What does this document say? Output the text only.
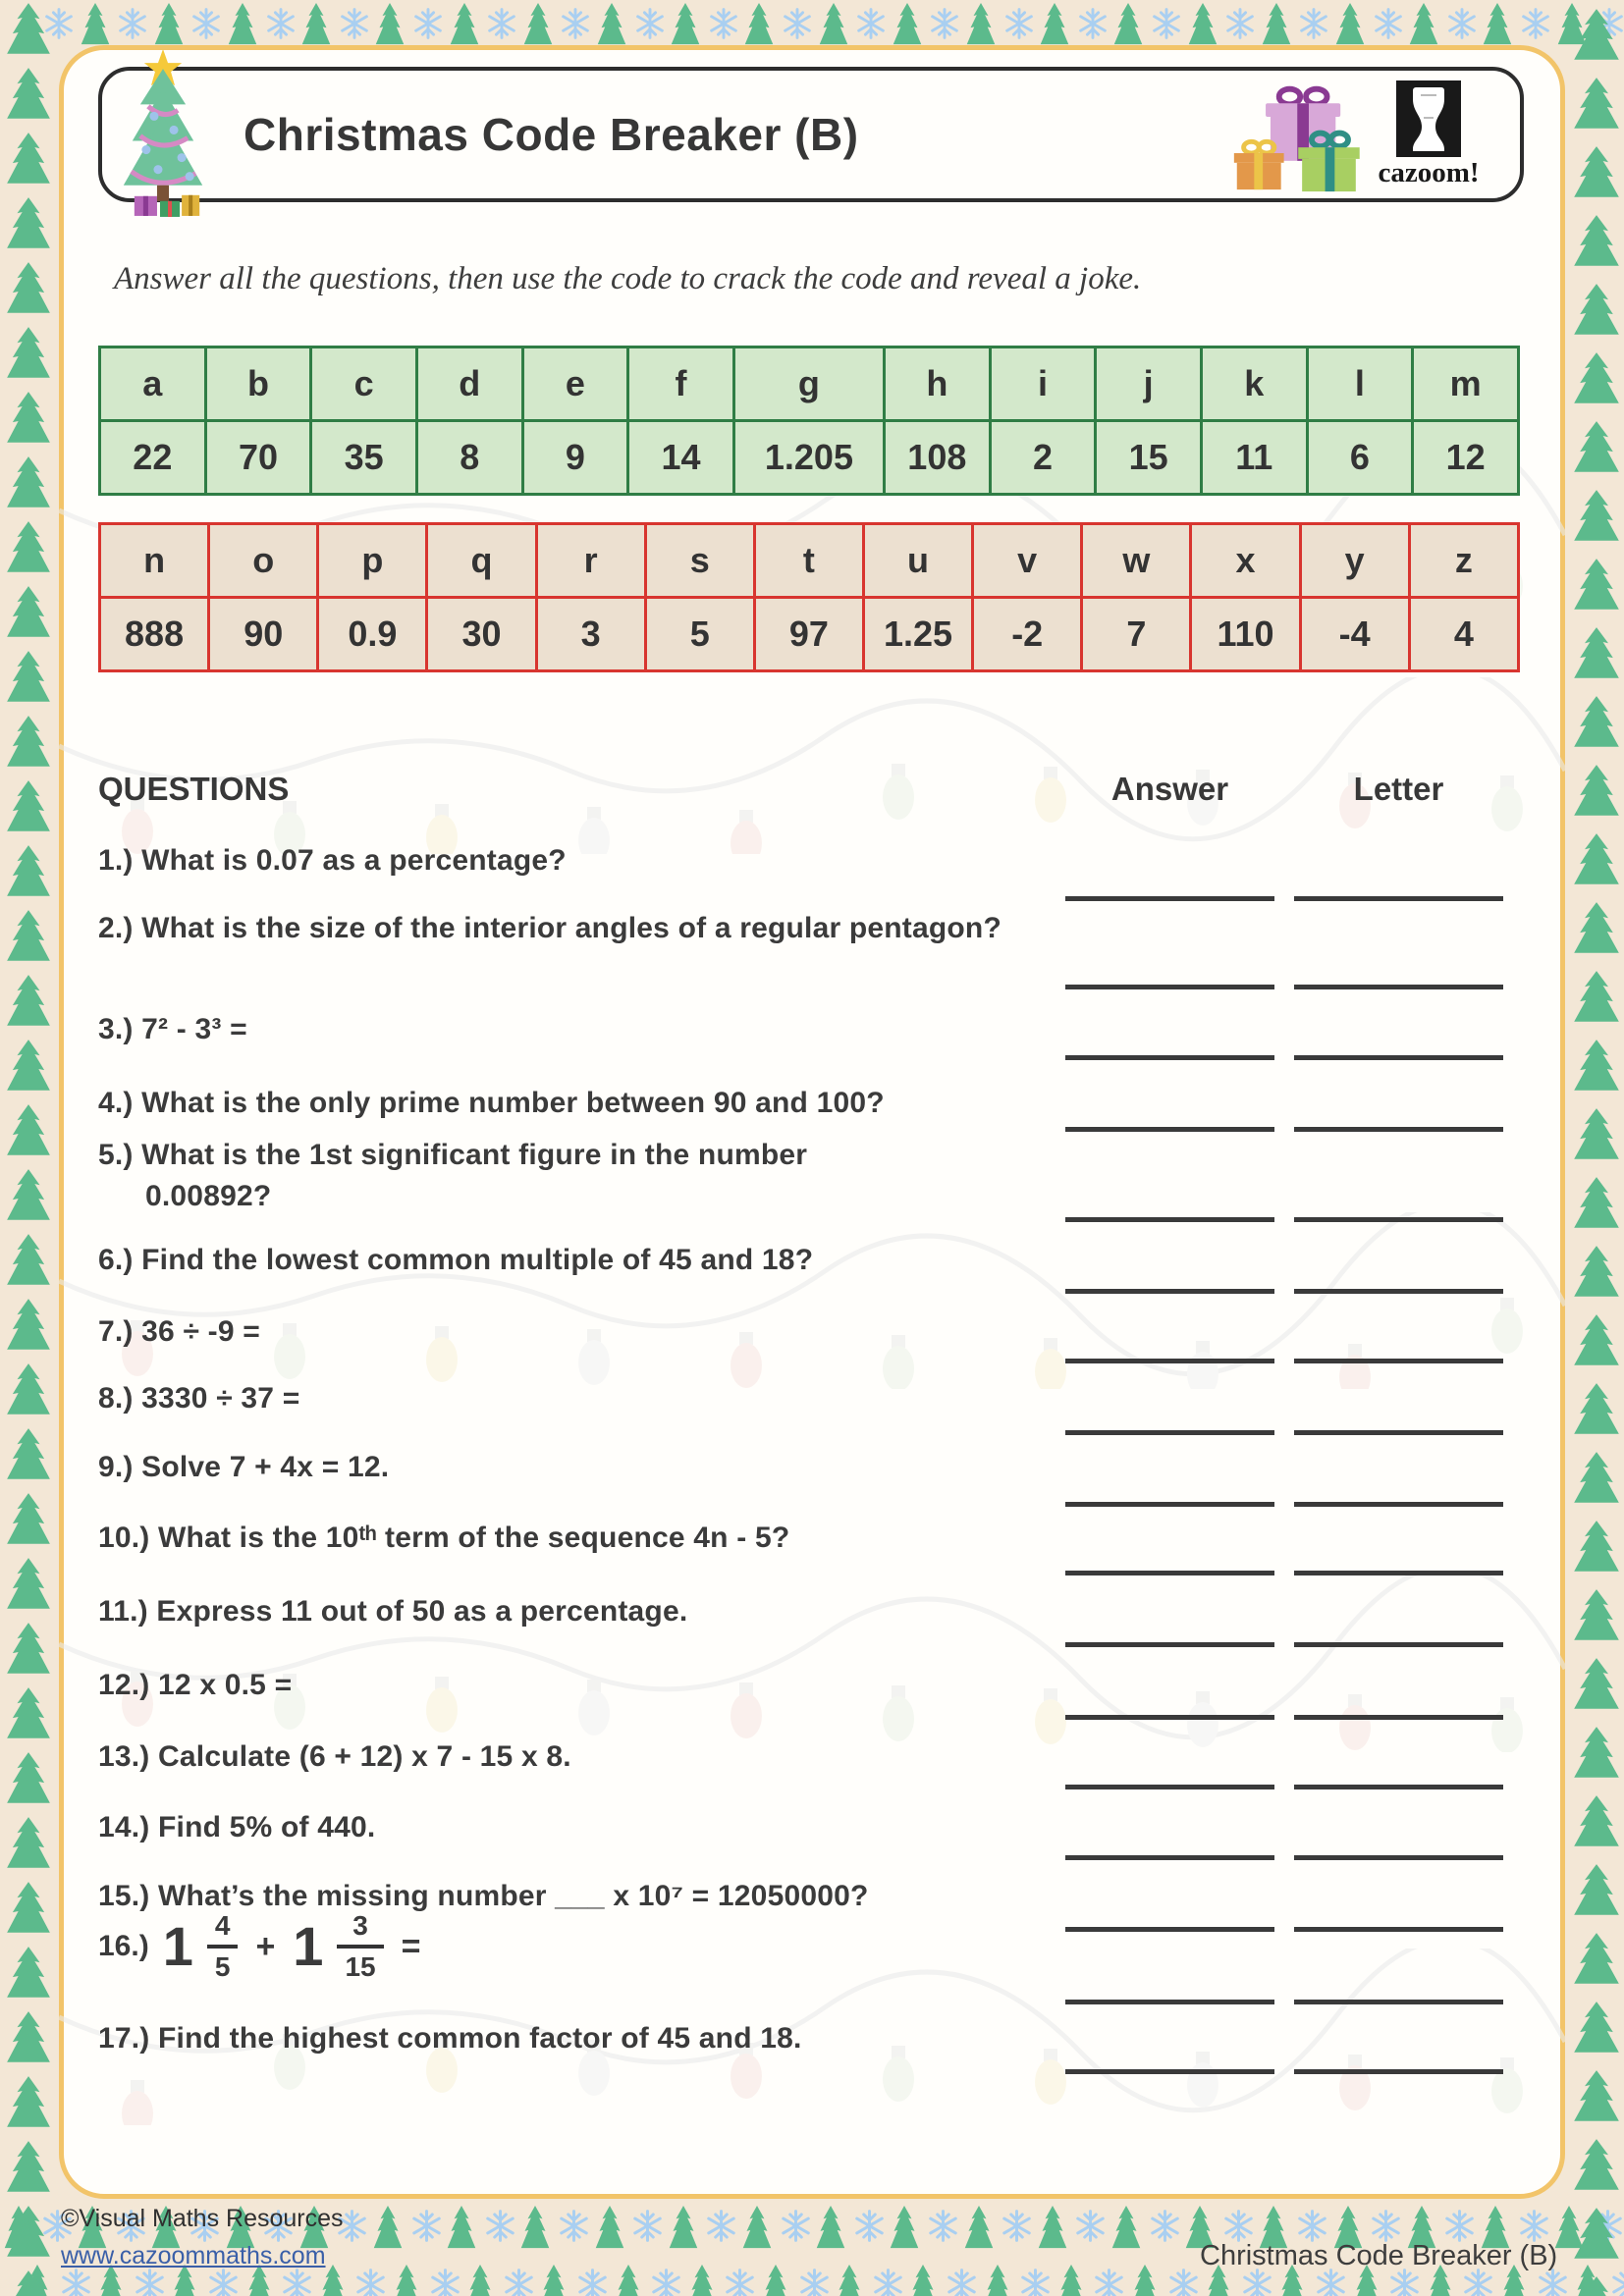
Christmas Code Breaker (B)
cazoom!

Answer all the questions, then use the code to crack the code and reveal a joke.

a	b	c	d	e	f	g	h	i	j	k	l	m
22	70	35	8	9	14	1.205	108	2	15	11	6	12
n	o	p	q	r	s	t	u	v	w	x	y	z
888	90	0.9	30	3	5	97	1.25	-2	7	110	-4	4
QUESTIONS	Answer	Letter
1.) What is 0.07 as a percentage?
2.) What is the size of the interior angles of a regular pentagon?
3.) 7² - 3³ =
4.) What is the only prime number between 90 and 100?
5.) What is the 1st significant figure in the number 0.00892?
6.) Find the lowest common multiple of 45 and 18?
7.) 36 ÷ -9 =
8.) 3330 ÷ 37 =
9.) Solve 7 + 4x = 12.
10.) What is the 10ᵗʰ term of the sequence 4n - 5?
11.) Express 11 out of 50 as a percentage.
12.) 12 x 0.5 =
13.) Calculate (6 + 12) x 7 - 15 x 8.
14.) Find 5% of 440.
15.) What’s the missing number ___ x 10⁷ = 12050000?
16.) $1 \frac{4}{5} + 1 \frac{3}{15}$ =
17.) Find the highest common factor of 45 and 18.
©Visual Maths Resources
www.cazoommaths.com	Christmas Code Breaker (B)
